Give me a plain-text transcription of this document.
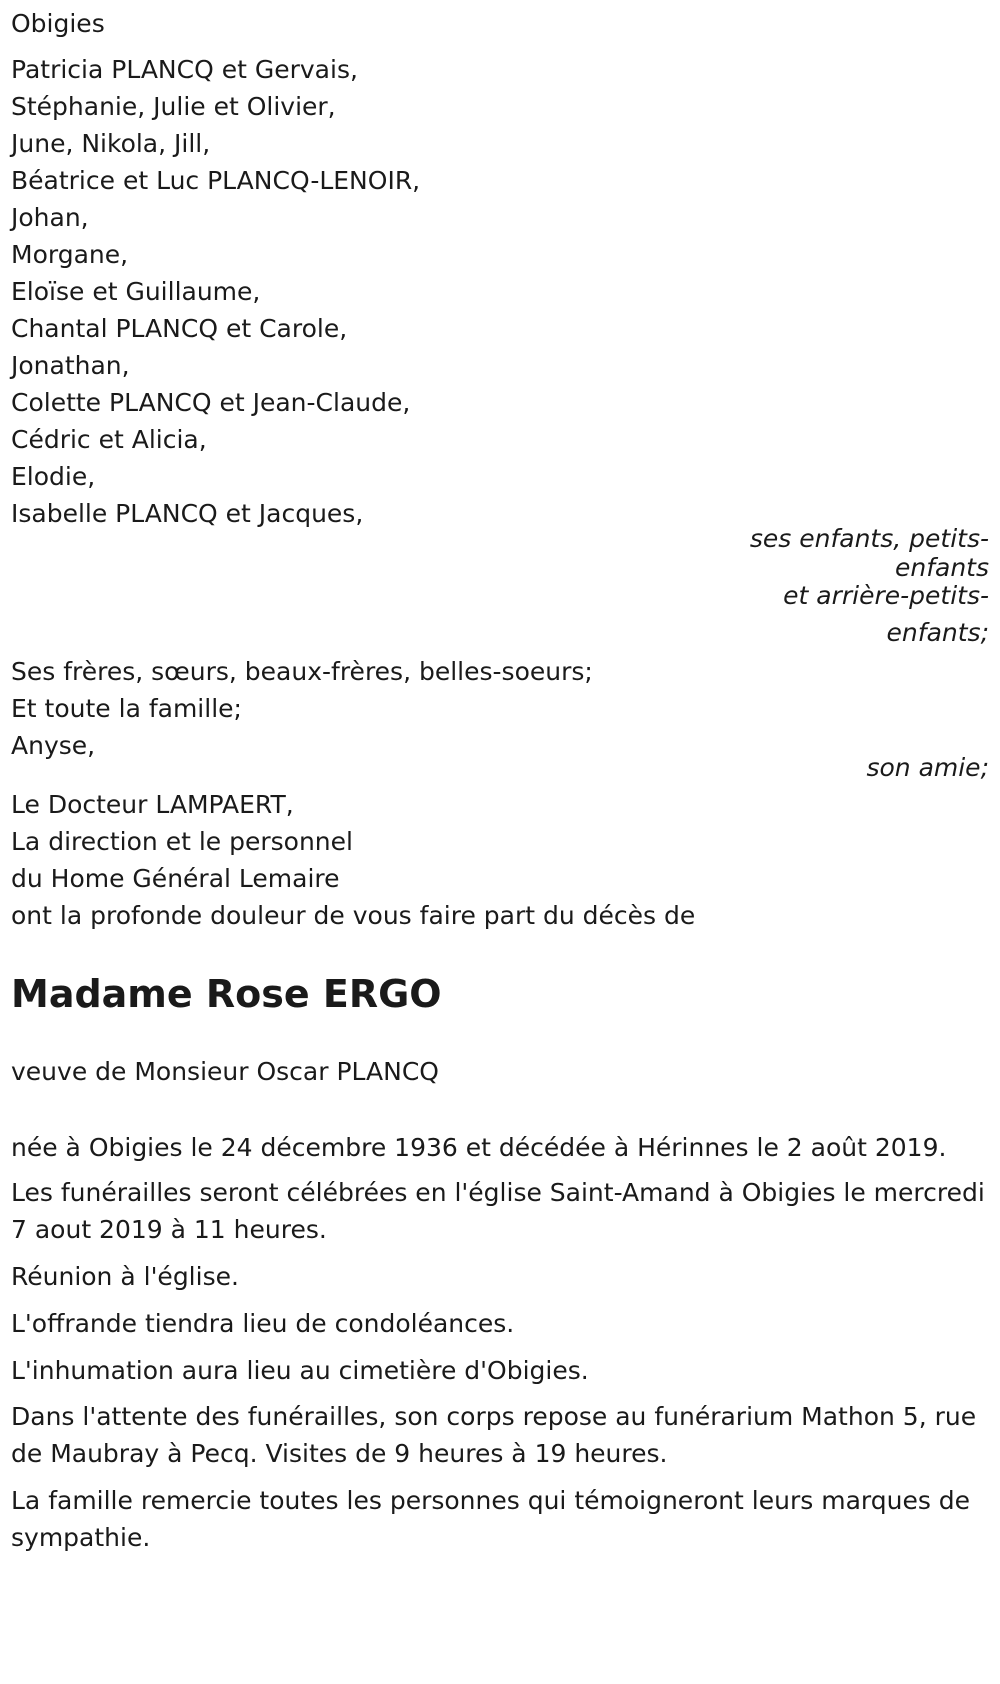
Obigies
Patricia PLANCQ et Gervais,
Stéphanie, Julie et Olivier,
June, Nikola, Jill,
Béatrice et Luc PLANCQ-LENOIR,
Johan,
Morgane,
Eloïse et Guillaume,
Chantal PLANCQ et Carole,
Jonathan,
Colette PLANCQ et Jean-Claude,
Cédric et Alicia,
Elodie,
Isabelle PLANCQ et Jacques,
ses enfants, petits-
enfants
et arrière-petits-
enfants;
Ses frères, sœurs, beaux-frères, belles-soeurs;
Et toute la famille;
Anyse,
son amie;
Le Docteur LAMPAERT,
La direction et le personnel
du Home Général Lemaire
ont la profonde douleur de vous faire part du décès de
Madame Rose ERGO
veuve de Monsieur Oscar PLANCQ

née à Obigies le 24 décembre 1936 et décédée à Hérinnes le 2 août 2019.

Les funérailles seront célébrées en l'église Saint-Amand à Obigies le mercredi 7 aout 2019 à 11 heures.

Réunion à l'église.

L'offrande tiendra lieu de condoléances.

L'inhumation aura lieu au cimetière d'Obigies.

Dans l'attente des funérailles, son corps repose au funérarium Mathon 5, rue de Maubray à Pecq. Visites de 9 heures à 19 heures.

La famille remercie toutes les personnes qui témoigneront leurs marques de sympathie.
